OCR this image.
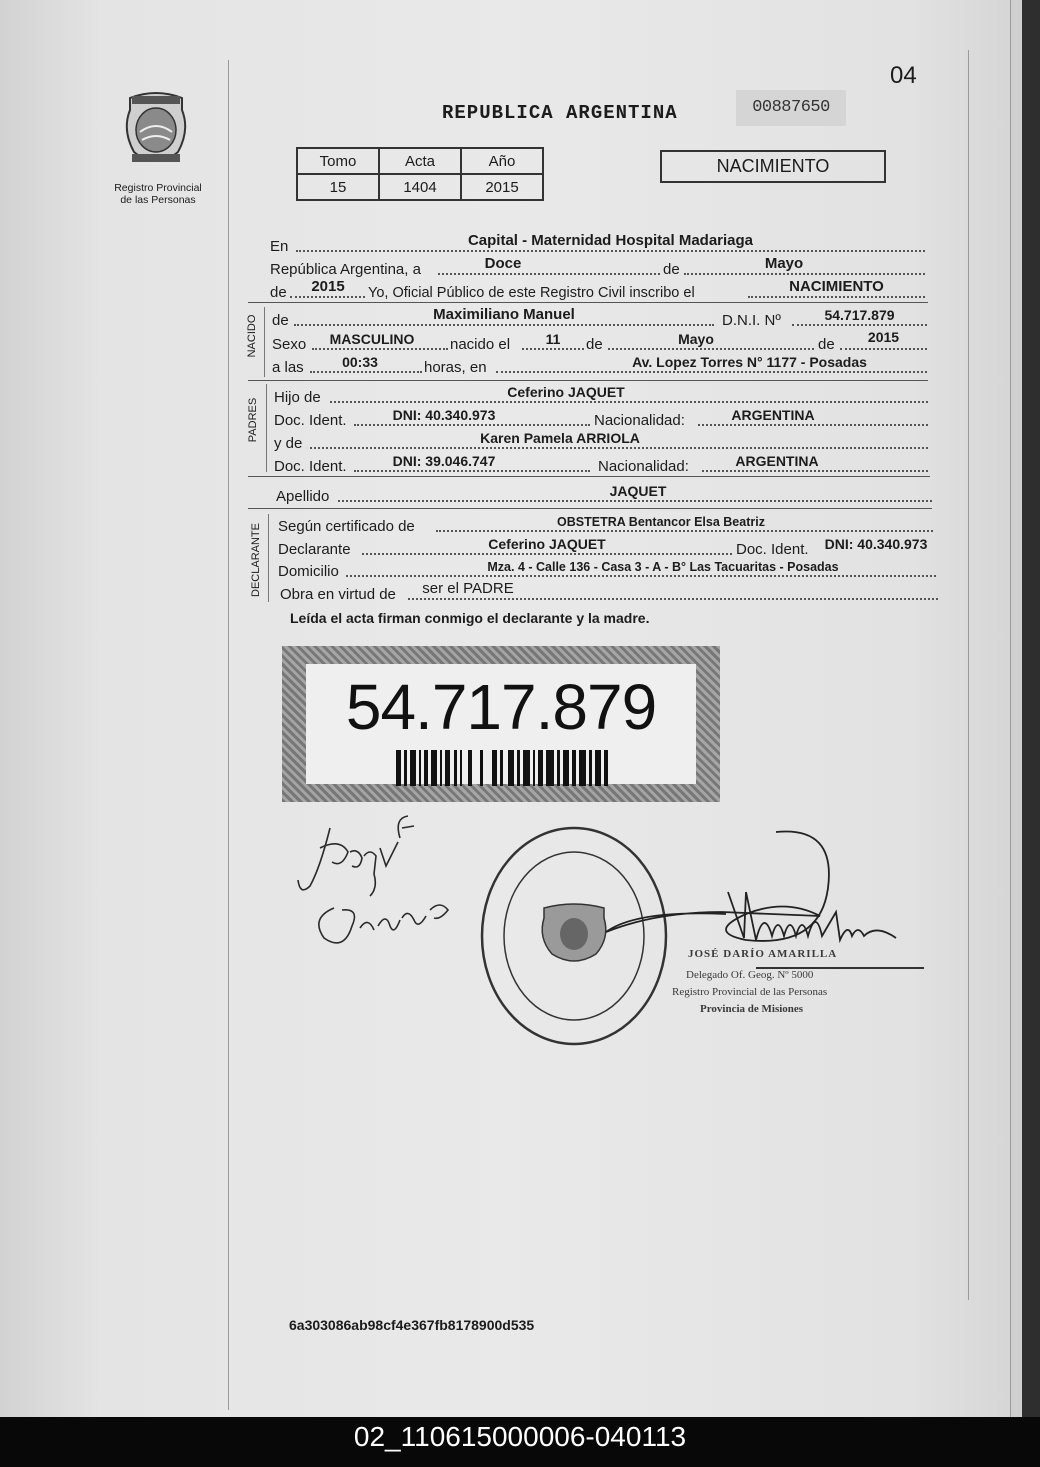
04
Registro Provincial
de las Personas
REPUBLICA ARGENTINA	00887650
Tomo	Acta	Año
15	1404	2015
NACIMIENTO
En	Capital - Maternidad Hospital Madariaga
República Argentina, a	Doce	de	Mayo
de	2015	Yo, Oficial Público de este Registro Civil inscribo el	NACIMIENTO
NACIDO de	Maximiliano Manuel	D.N.I. Nº	54.717.879
Sexo	MASCULINO	nacido el	11	de	Mayo	de	2015
a las	00:33	horas, en	Av. Lopez Torres N° 1177 - Posadas
PADRES
Hijo de	Ceferino JAQUET
Doc. Ident.	DNI: 40.340.973	Nacionalidad:	ARGENTINA
y de	Karen Pamela ARRIOLA
Doc. Ident.	DNI: 39.046.747	Nacionalidad:	ARGENTINA
Apellido	JAQUET
DECLARANTE Según certificado de	OBSTETRA Bentancor Elsa Beatriz
Declarante	Ceferino JAQUET	Doc. Ident.	DNI: 40.340.973
Domicilio	Mza. 4 - Calle 136 - Casa 3 - A - B° Las Tacuaritas - Posadas
Obra en virtud de	ser el PADRE
Leída el acta firman conmigo el declarante y la madre.
54.717.879
JOSÉ DARÍO AMARILLA
Delegado Of. Geog. Nº 5000
Registro Provincial de las Personas
Provincia de Misiones
6a303086ab98cf4e367fb8178900d535
02_110615000006-040113
